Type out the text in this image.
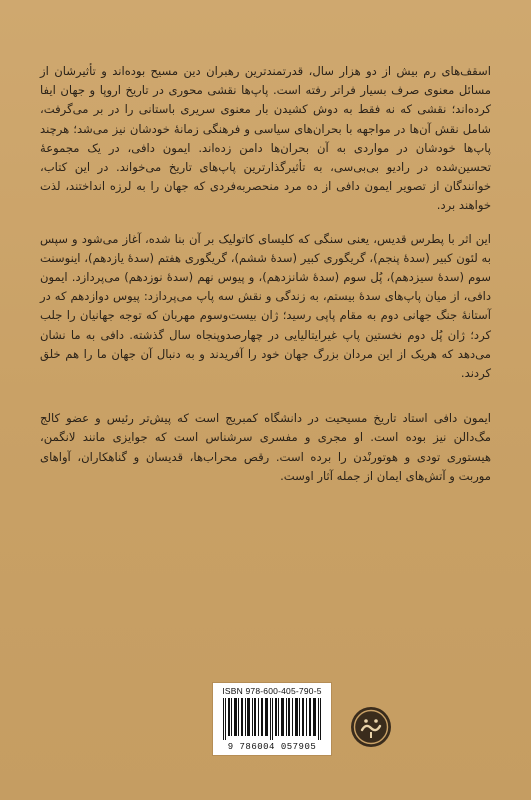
اسقف‌های رم بیش از دو هزار سال، قدرتمندترین رهبران دین مسیح بوده‌اند و تأثیرشان از مسائل معنوی صرف بسیار فراتر رفته است. پاپ‌ها نقشی محوری در تاریخ اروپا و جهان ایفا کرده‌اند؛ نقشی که نه فقط به دوش کشیدن بار معنوی سریری باستانی را در بر می‌گرفت، شامل نقش آن‌ها در مواجهه با بحران‌های سیاسی و فرهنگی زمانهٔ خودشان نیز می‌شد؛ هرچند پاپ‌ها خودشان در مواردی به آن بحران‌ها دامن زده‌اند. ایمون دافی، در یک مجموعهٔ تحسین‌شده در رادیو بی‌بی‌سی، به تأثیرگذارترین پاپ‌های تاریخ می‌خواند. در این کتاب، خوانندگان از تصویر ایمون دافی از ده مرد منحصربه‌فردی که جهان را به لرزه انداختند، لذت خواهند برد.

این اثر با پطرس قدیس، یعنی سنگی که کلیسای کاتولیک بر آن بنا شده، آغاز می‌شود و سپس به لئون کبیر (سدهٔ پنجم)، گریگوری کبیر (سدهٔ ششم)، گریگوری هفتم (سدهٔ یازدهم)، اینوسنت سوم (سدهٔ سیزدهم)، پُل سوم (سدهٔ شانزدهم)، و پیوس نهم (سدهٔ نوزدهم) می‌پردازد. ایمون دافی، از میان پاپ‌های سدهٔ بیستم، به زندگی و نقش سه پاپ می‌پردازد: پیوس دوازدهم که در آستانهٔ جنگ جهانی دوم به مقام پاپی رسید؛ ژان بیست‌وسوم مهربان که توجه جهانیان را جلب کرد؛ ژان پُل دوم نخستین پاپ غیرایتالیایی در چهارصدوپنجاه سال گذشته. دافی به ما نشان می‌دهد که هریک از این مردان بزرگ جهان خود را آفریدند و به دنبال آن جهان ما را هم خلق کردند.

ایمون دافی استاد تاریخ مسیحیت در دانشگاه کمبریج است که پیش‌تر رئیس و عضو کالج مگ‌دالن نیز بوده است. او مجری و مفسری سرشناس است که جوایزی مانند لانگمن، هیستوری تودی و هوتورنْدن را برده است. رقص محراب‌ها، قدیسان و گناهکاران، آواهای موربت و آتش‌های ایمان از جمله آثار اوست.

ISBN 978-600-405-790-5
9 786004 057905
